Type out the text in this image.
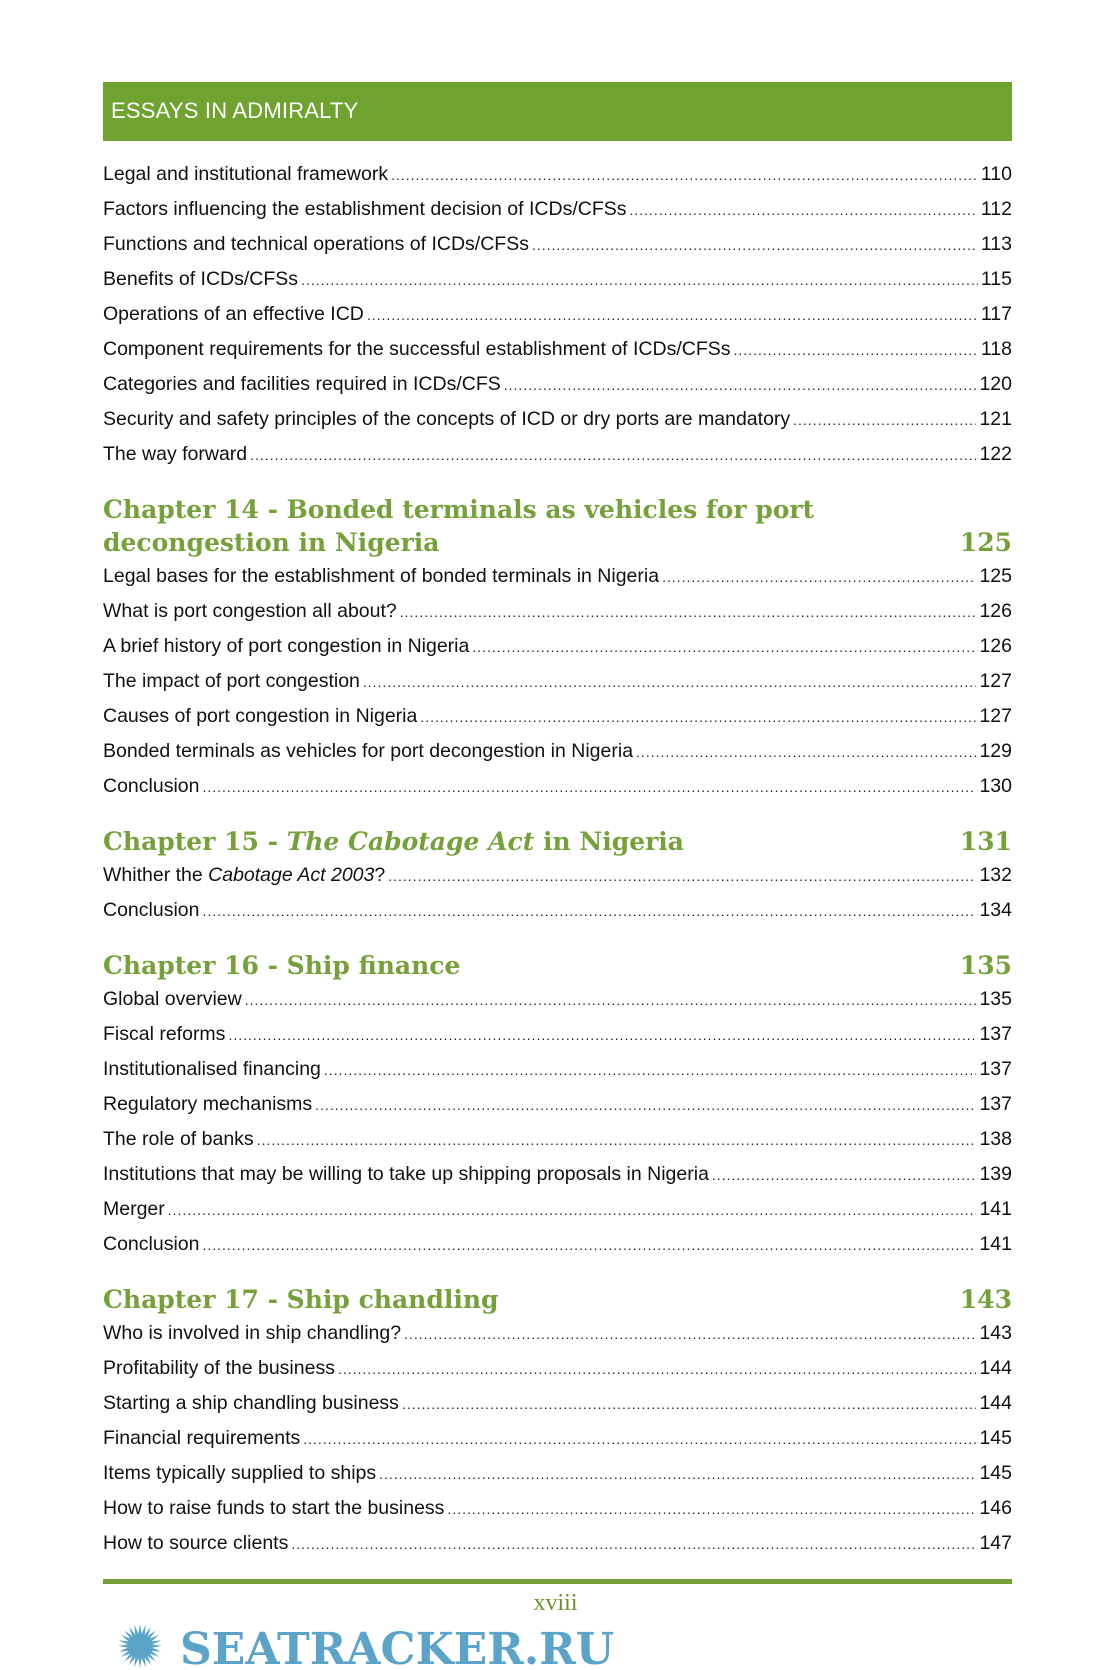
ESSAYS IN ADMIRALTY
Legal and institutional framework .....	110
Factors influencing the establishment decision of ICDs/CFSs .....	112
Functions and technical operations of ICDs/CFSs .....	113
Benefits of ICDs/CFSs .....	115
Operations of an effective ICD .....	117
Component requirements for the successful establishment of ICDs/CFSs .....	118
Categories and facilities required in ICDs/CFS .....	120
Security and safety principles of the concepts of ICD or dry ports are mandatory .....	121
The way forward .....	122
Chapter 14 - Bonded terminals as vehicles for port decongestion in Nigeria	125
Legal bases for the establishment of bonded terminals in Nigeria .....	125
What is port congestion all about? .....	126
A brief history of port congestion in Nigeria .....	126
The impact of port congestion .....	127
Causes of port congestion in Nigeria .....	127
Bonded terminals as vehicles for port decongestion in Nigeria .....	129
Conclusion .....	130
Chapter 15 - The Cabotage Act in Nigeria	131
Whither the Cabotage Act 2003? .....	132
Conclusion .....	134
Chapter 16 - Ship finance	135
Global overview .....	135
Fiscal reforms .....	137
Institutionalised financing .....	137
Regulatory mechanisms .....	137
The role of banks .....	138
Institutions that may be willing to take up shipping proposals in Nigeria .....	139
Merger .....	141
Conclusion .....	141
Chapter 17 - Ship chandling	143
Who is involved in ship chandling? .....	143
Profitability of the business .....	144
Starting a ship chandling business .....	144
Financial requirements .....	145
Items typically supplied to ships .....	145
How to raise funds to start the business .....	146
How to source clients .....	147
xviii
SEATRACKER.RU
